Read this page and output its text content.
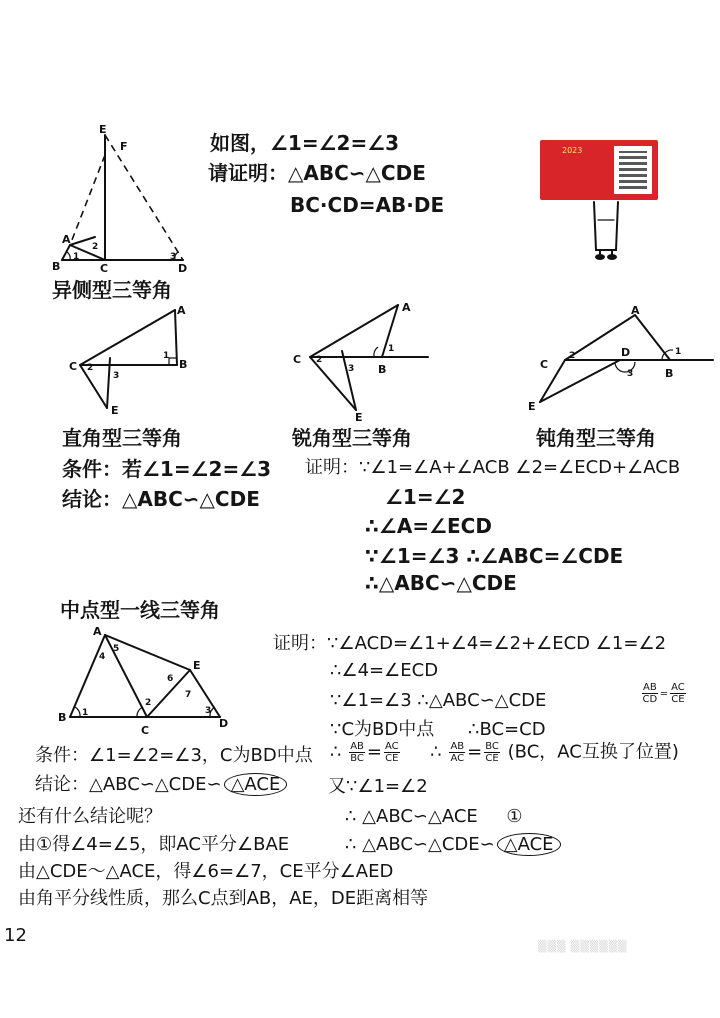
如图，∠1=∠2=∠3
请证明：△ABC∽△CDE
BC·CD=AB·DE
2023
E
F
A
2
B
1
C
3
D
异侧型三等角
A
C 2
1
B
3
E
直角型三等角
A
C 2
1
B
3
E
锐角型三等角
A
C
2	D	1
B
3
E
钝角型三等角
条件：若∠1=∠2=∠3
结论：△ABC∽△CDE
证明：∵∠1=∠A+∠ACB ∠2=∠ECD+∠ACB
∠1=∠2
∴∠A=∠ECD
∵∠1=∠3 ∴∠ABC=∠CDE
∴△ABC∽△CDE
中点型一线三等角
A
4
5
E
6
7
B 1
C
2
3
D
证明：∵∠ACD=∠1+∠4=∠2+∠ECD ∠1=∠2
∴∠4=∠ECD
∵∠1=∠3 ∴△ABC∽△CDE	$\frac{AB}{CD} = \frac{AC}{CE}$
∵C为BD中点 ∴BC=CD
条件：∠1=∠2=∠3，C为BD中点
结论：△ABC∽△CDE∽ △ACE
∴ $\frac{AB}{BC} = \frac{AC}{CE}$ ∴ $\frac{AB}{AC} = \frac{BC}{CE} (BC$，AC互换了位置)
又∵∠1=∠2
还有什么结论呢？	∴ △ABC∽△ACE ①
由①得∠4=∠5，即AC平分∠BAE	∴ △ABC∽△CDE∽ △ACE
由△CDE～△ACE，得∠6=∠7，CE平分∠AED
由角平分线性质，那么C点到AB，AE，DE距离相等
12
▒▒▒ ▒▒▒▒▒▒
